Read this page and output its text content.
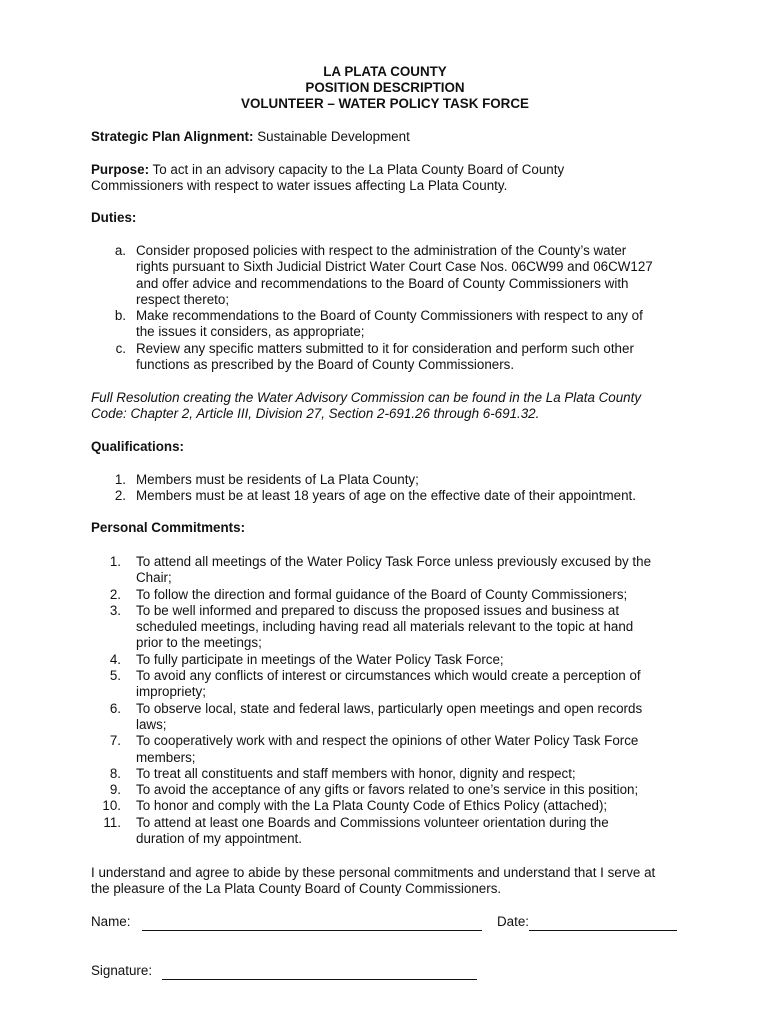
LA PLATA COUNTY
POSITION DESCRIPTION
VOLUNTEER – WATER POLICY TASK FORCE
Strategic Plan Alignment: Sustainable Development
Purpose: To act in an advisory capacity to the La Plata County Board of County
Commissioners with respect to water issues affecting La Plata County.
Duties:
a. Consider proposed policies with respect to the administration of the County’s water
rights pursuant to Sixth Judicial District Water Court Case Nos. 06CW99 and 06CW127
and offer advice and recommendations to the Board of County Commissioners with
respect thereto;
b. Make recommendations to the Board of County Commissioners with respect to any of
the issues it considers, as appropriate;
c. Review any specific matters submitted to it for consideration and perform such other
functions as prescribed by the Board of County Commissioners.
Full Resolution creating the Water Advisory Commission can be found in the La Plata County
Code: Chapter 2, Article III, Division 27, Section 2-691.26 through 6-691.32.
Qualifications:
1. Members must be residents of La Plata County;
2. Members must be at least 18 years of age on the effective date of their appointment.
Personal Commitments:
1. To attend all meetings of the Water Policy Task Force unless previously excused by the
Chair;
2. To follow the direction and formal guidance of the Board of County Commissioners;
3. To be well informed and prepared to discuss the proposed issues and business at
scheduled meetings, including having read all materials relevant to the topic at hand
prior to the meetings;
4. To fully participate in meetings of the Water Policy Task Force;
5. To avoid any conflicts of interest or circumstances which would create a perception of
impropriety;
6. To observe local, state and federal laws, particularly open meetings and open records
laws;
7. To cooperatively work with and respect the opinions of other Water Policy Task Force
members;
8. To treat all constituents and staff members with honor, dignity and respect;
9. To avoid the acceptance of any gifts or favors related to one’s service in this position;
10. To honor and comply with the La Plata County Code of Ethics Policy (attached);
11. To attend at least one Boards and Commissions volunteer orientation during the
duration of my appointment.
I understand and agree to abide by these personal commitments and understand that I serve at
the pleasure of the La Plata County Board of County Commissioners.
Name:	Date:
Signature:
